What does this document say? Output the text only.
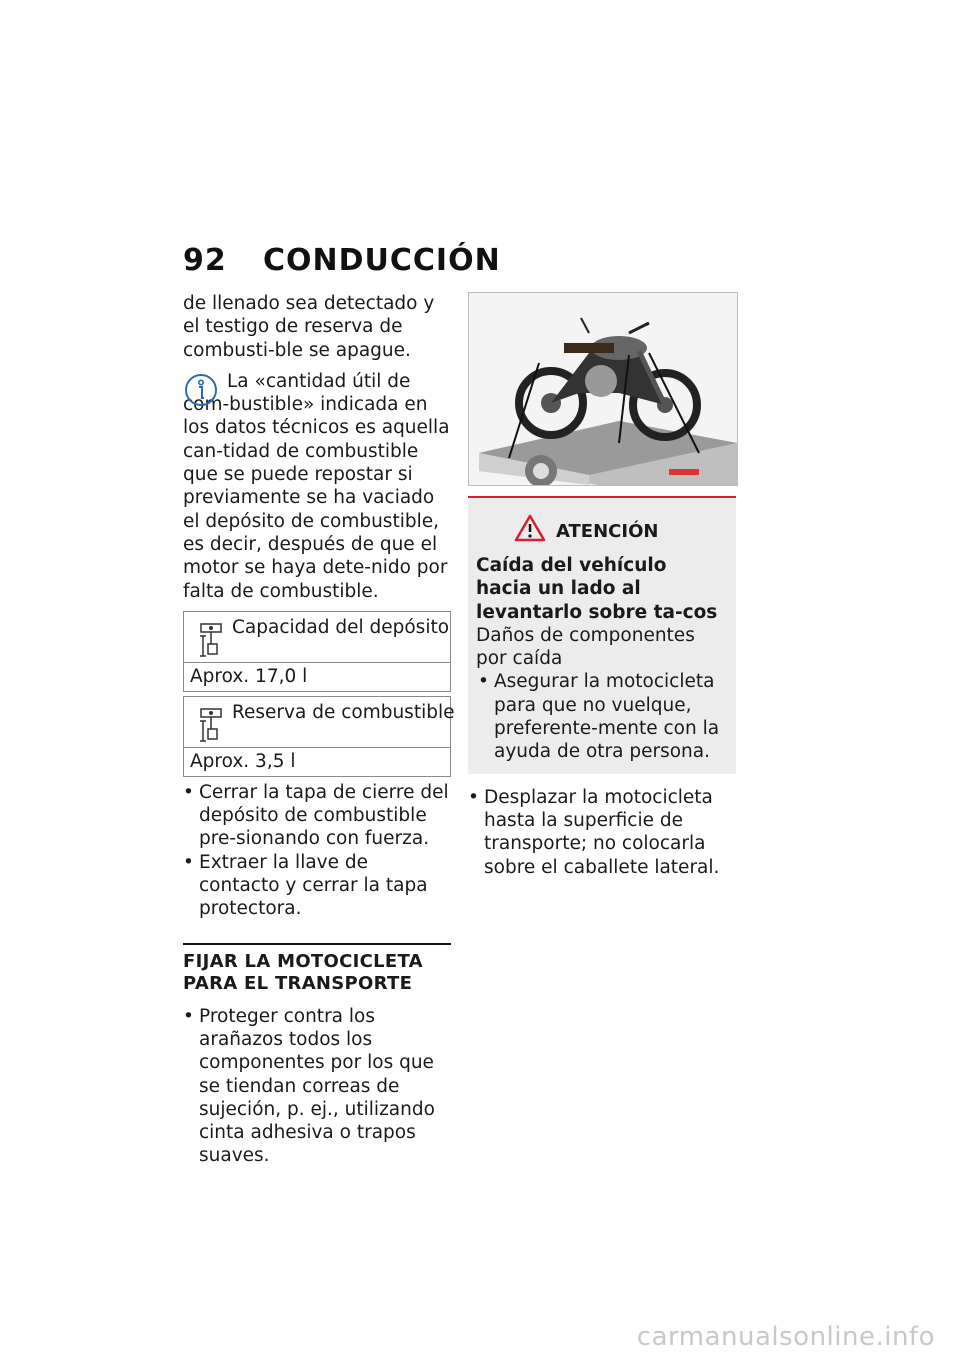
92 CONDUCCIÓN

de llenado sea detectado y el testigo de reserva de combusti-ble se apague.

La «cantidad útil de com-bustible» indicada en los datos técnicos es aquella can-tidad de combustible que se puede repostar si previamente se ha vaciado el depósito de combustible, es decir, después de que el motor se haya dete-nido por falta de combustible.
Capacidad del depósito
Aprox. 17,0 l
Reserva de combustible
Aprox. 3,5 l

• Cerrar la tapa de cierre del depósito de combustible pre-sionando con fuerza.

• Extraer la llave de contacto y cerrar la tapa protectora.

FIJAR LA MOTOCICLETA
PARA EL TRANSPORTE

• Proteger contra los arañazos todos los componentes por los que se tiendan correas de sujeción, p. ej., utilizando cinta adhesiva o trapos suaves.

ATENCIÓN

Caída del vehículo hacia un lado al levantarlo sobre ta-cos

Daños de componentes por caída

• Asegurar la motocicleta para que no vuelque, preferente-mente con la ayuda de otra persona.

• Desplazar la motocicleta hasta la superficie de transporte; no colocarla sobre el caballete lateral.

carmanualsonline.info
